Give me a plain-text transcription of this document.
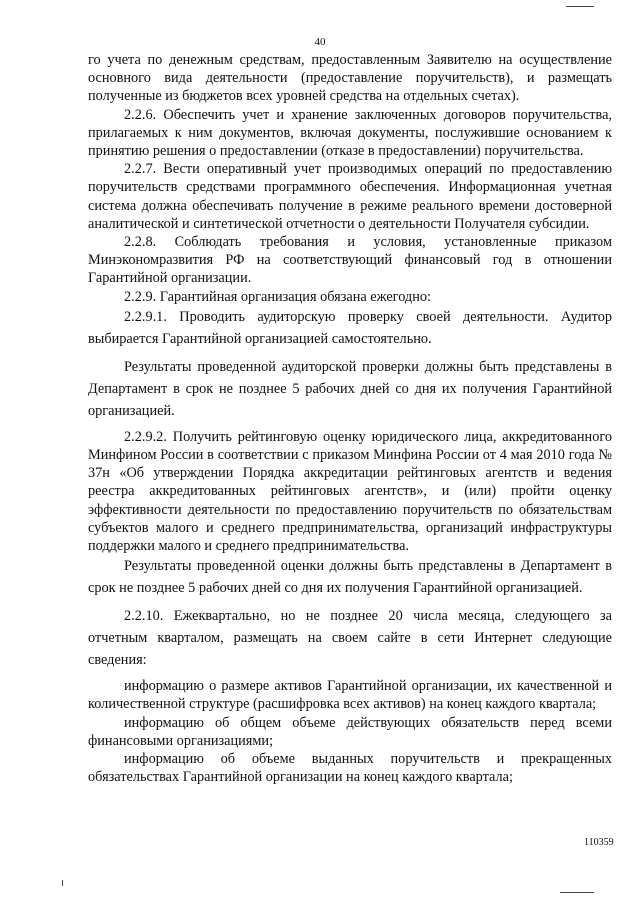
40

го учета по денежным средствам, предоставленным Заявителю на осуществление основного вида деятельности (предоставление поручительств), и размещать полученные из бюджетов всех уровней средства на отдельных счетах).

2.2.6. Обеспечить учет и хранение заключенных договоров поручительства, прилагаемых к ним документов, включая документы, послужившие основанием к принятию решения о предоставлении (отказе в предоставлении) поручительства.

2.2.7. Вести оперативный учет производимых операций по предоставлению поручительств средствами программного обеспечения. Информационная учетная система должна обеспечивать получение в режиме реального времени достоверной аналитической и синтетической отчетности о деятельности Получателя субсидии.

2.2.8. Соблюдать требования и условия, установленные приказом Минэкономразвития РФ на соответствующий финансовый год в отношении Гарантийной организации.

2.2.9. Гарантийная организация обязана ежегодно:

2.2.9.1. Проводить аудиторскую проверку своей деятельности. Аудитор выбирается Гарантийной организацией самостоятельно.

Результаты проведенной аудиторской проверки должны быть представлены в Департамент в срок не позднее 5 рабочих дней со дня их получения Гарантийной организацией.

2.2.9.2. Получить рейтинговую оценку юридического лица, аккредитованного Минфином России в соответствии с приказом Минфина России от 4 мая 2010 года № 37н «Об утверждении Порядка аккредитации рейтинговых агентств и ведения реестра аккредитованных рейтинговых агентств», и (или) пройти оценку эффективности деятельности по предоставлению поручительств по обязательствам субъектов малого и среднего предпринимательства, организаций инфраструктуры поддержки малого и среднего предпринимательства.

Результаты проведенной оценки должны быть представлены в Департамент в срок не позднее 5 рабочих дней со дня их получения Гарантийной организацией.

2.2.10. Ежеквартально, но не позднее 20 числа месяца, следующего за отчетным кварталом, размещать на своем сайте в сети Интернет следующие сведения:

информацию о размере активов Гарантийной организации, их качественной и количественной структуре (расшифровка всех активов) на конец каждого квартала;

информацию об общем объеме действующих обязательств перед всеми финансовыми организациями;

информацию об объеме выданных поручительств и прекращенных обязательствах Гарантийной организации на конец каждого квартала;

110359
